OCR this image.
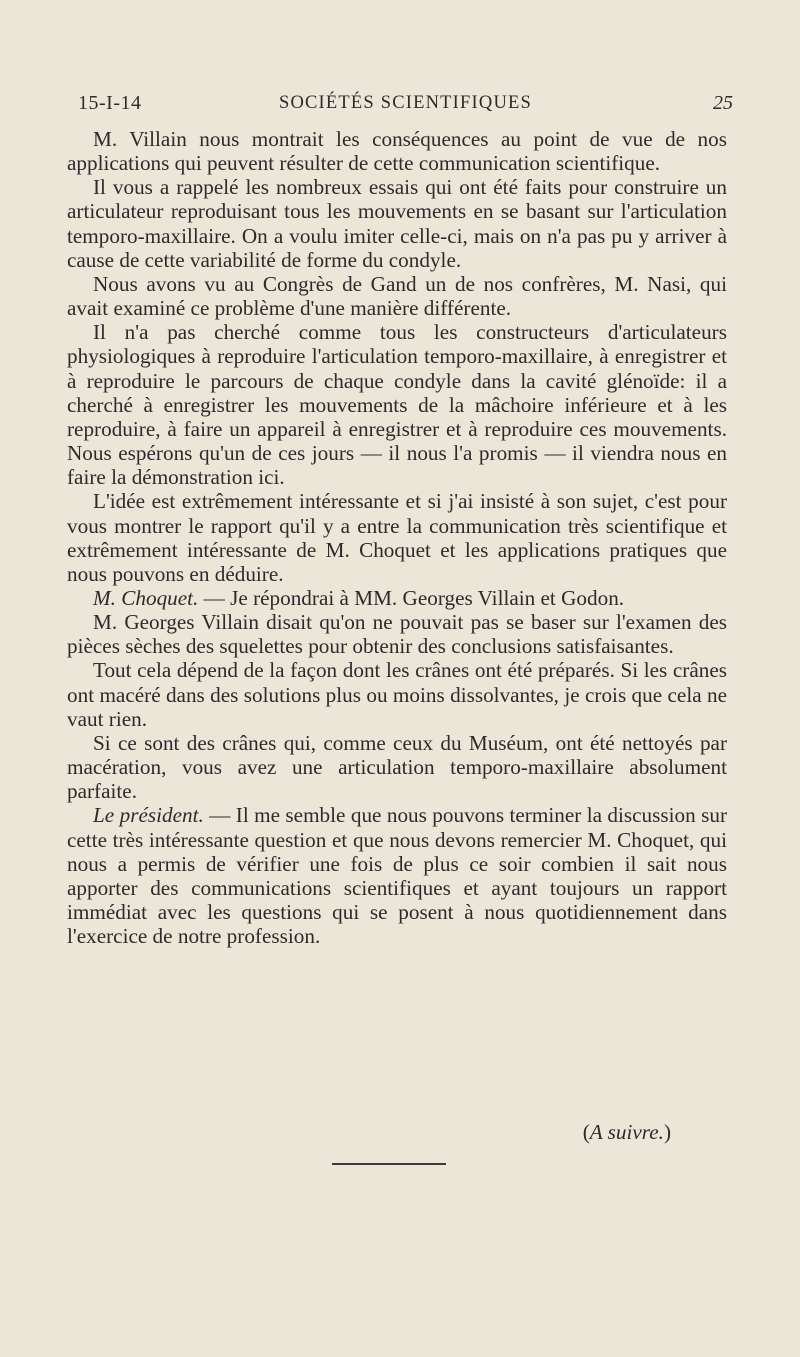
15-I-14	SOCIÉTÉS SCIENTIFIQUES	25

M. Villain nous montrait les conséquences au point de vue de nos applications qui peuvent résulter de cette communication scientifique.

Il vous a rappelé les nombreux essais qui ont été faits pour construire un articulateur reproduisant tous les mouvements en se basant sur l'articulation temporo-maxillaire. On a voulu imiter celle-ci, mais on n'a pas pu y arriver à cause de cette variabilité de forme du condyle.

Nous avons vu au Congrès de Gand un de nos confrères, M. Nasi, qui avait examiné ce problème d'une manière différente.

Il n'a pas cherché comme tous les constructeurs d'articulateurs physiologiques à reproduire l'articulation temporo-maxillaire, à enregistrer et à reproduire le parcours de chaque condyle dans la cavité glénoïde: il a cherché à enregistrer les mouvements de la mâchoire inférieure et à les reproduire, à faire un appareil à enregistrer et à reproduire ces mouvements. Nous espérons qu'un de ces jours — il nous l'a promis — il viendra nous en faire la démonstration ici.

L'idée est extrêmement intéressante et si j'ai insisté à son sujet, c'est pour vous montrer le rapport qu'il y a entre la communication très scientifique et extrêmement intéressante de M. Choquet et les applications pratiques que nous pouvons en déduire.

M. Choquet. — Je répondrai à MM. Georges Villain et Godon.

M. Georges Villain disait qu'on ne pouvait pas se baser sur l'examen des pièces sèches des squelettes pour obtenir des conclusions satisfaisantes.

Tout cela dépend de la façon dont les crânes ont été préparés. Si les crânes ont macéré dans des solutions plus ou moins dissolvantes, je crois que cela ne vaut rien.

Si ce sont des crânes qui, comme ceux du Muséum, ont été nettoyés par macération, vous avez une articulation temporo-maxillaire absolument parfaite.

Le président. — Il me semble que nous pouvons terminer la discussion sur cette très intéressante question et que nous devons remercier M. Choquet, qui nous a permis de vérifier une fois de plus ce soir combien il sait nous apporter des communications scientifiques et ayant toujours un rapport immédiat avec les questions qui se posent à nous quotidiennement dans l'exercice de notre profession.

(A suivre.)
